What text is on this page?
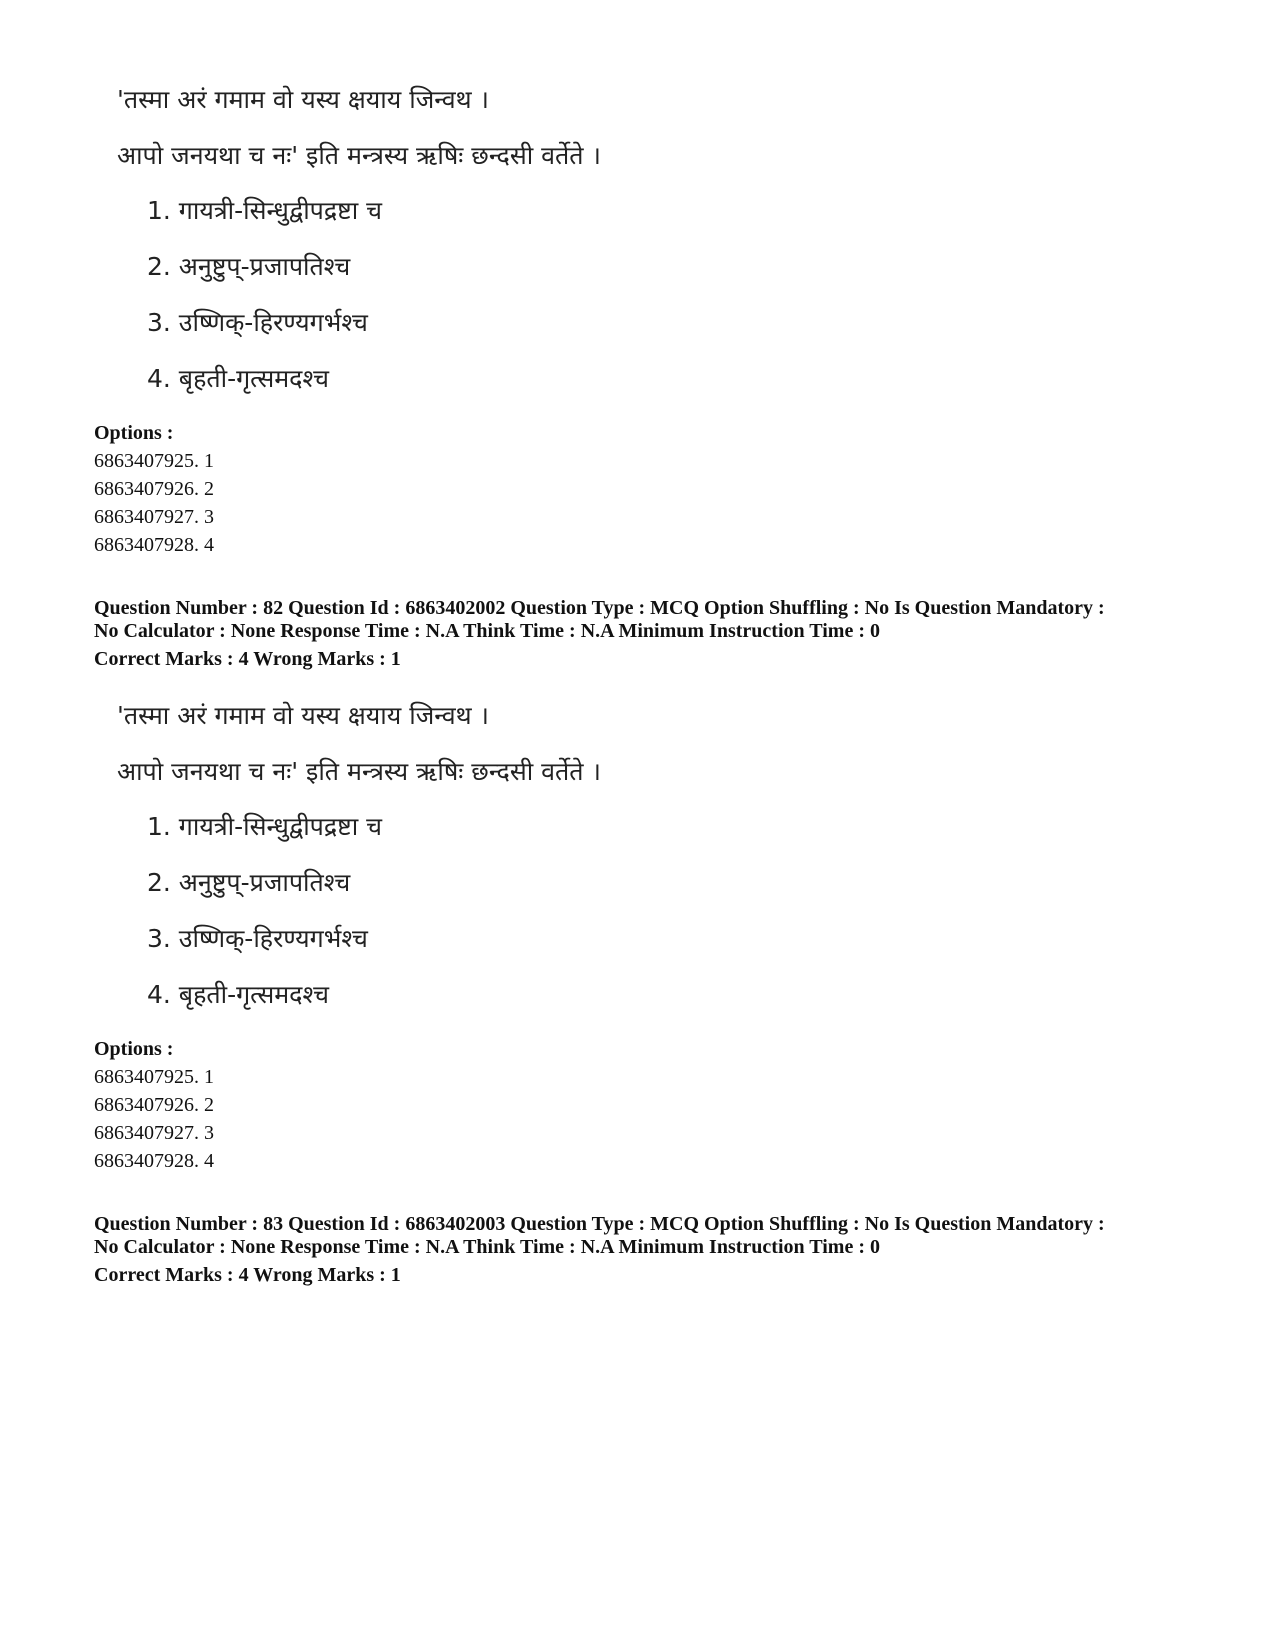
'तस्मा अरं गमाम वो यस्य क्षयाय जिन्वथ ।
आपो जनयथा च नः' इति मन्त्रस्य ऋषिः छन्दसी वर्तेते ।
1. गायत्री-सिन्धुद्वीपद्रष्टा च
2. अनुष्टुप्-प्रजापतिश्च
3. उष्णिक्-हिरण्यगर्भश्च
4. बृहती-गृत्समदश्च
Options :
6863407925. 1
6863407926. 2
6863407927. 3
6863407928. 4
Question Number : 82 Question Id : 6863402002 Question Type : MCQ Option Shuffling : No Is Question Mandatory :
No Calculator : None Response Time : N.A Think Time : N.A Minimum Instruction Time : 0
Correct Marks : 4 Wrong Marks : 1
'तस्मा अरं गमाम वो यस्य क्षयाय जिन्वथ ।
आपो जनयथा च नः' इति मन्त्रस्य ऋषिः छन्दसी वर्तेते ।
1. गायत्री-सिन्धुद्वीपद्रष्टा च
2. अनुष्टुप्-प्रजापतिश्च
3. उष्णिक्-हिरण्यगर्भश्च
4. बृहती-गृत्समदश्च
Options :
6863407925. 1
6863407926. 2
6863407927. 3
6863407928. 4
Question Number : 83 Question Id : 6863402003 Question Type : MCQ Option Shuffling : No Is Question Mandatory :
No Calculator : None Response Time : N.A Think Time : N.A Minimum Instruction Time : 0
Correct Marks : 4 Wrong Marks : 1
